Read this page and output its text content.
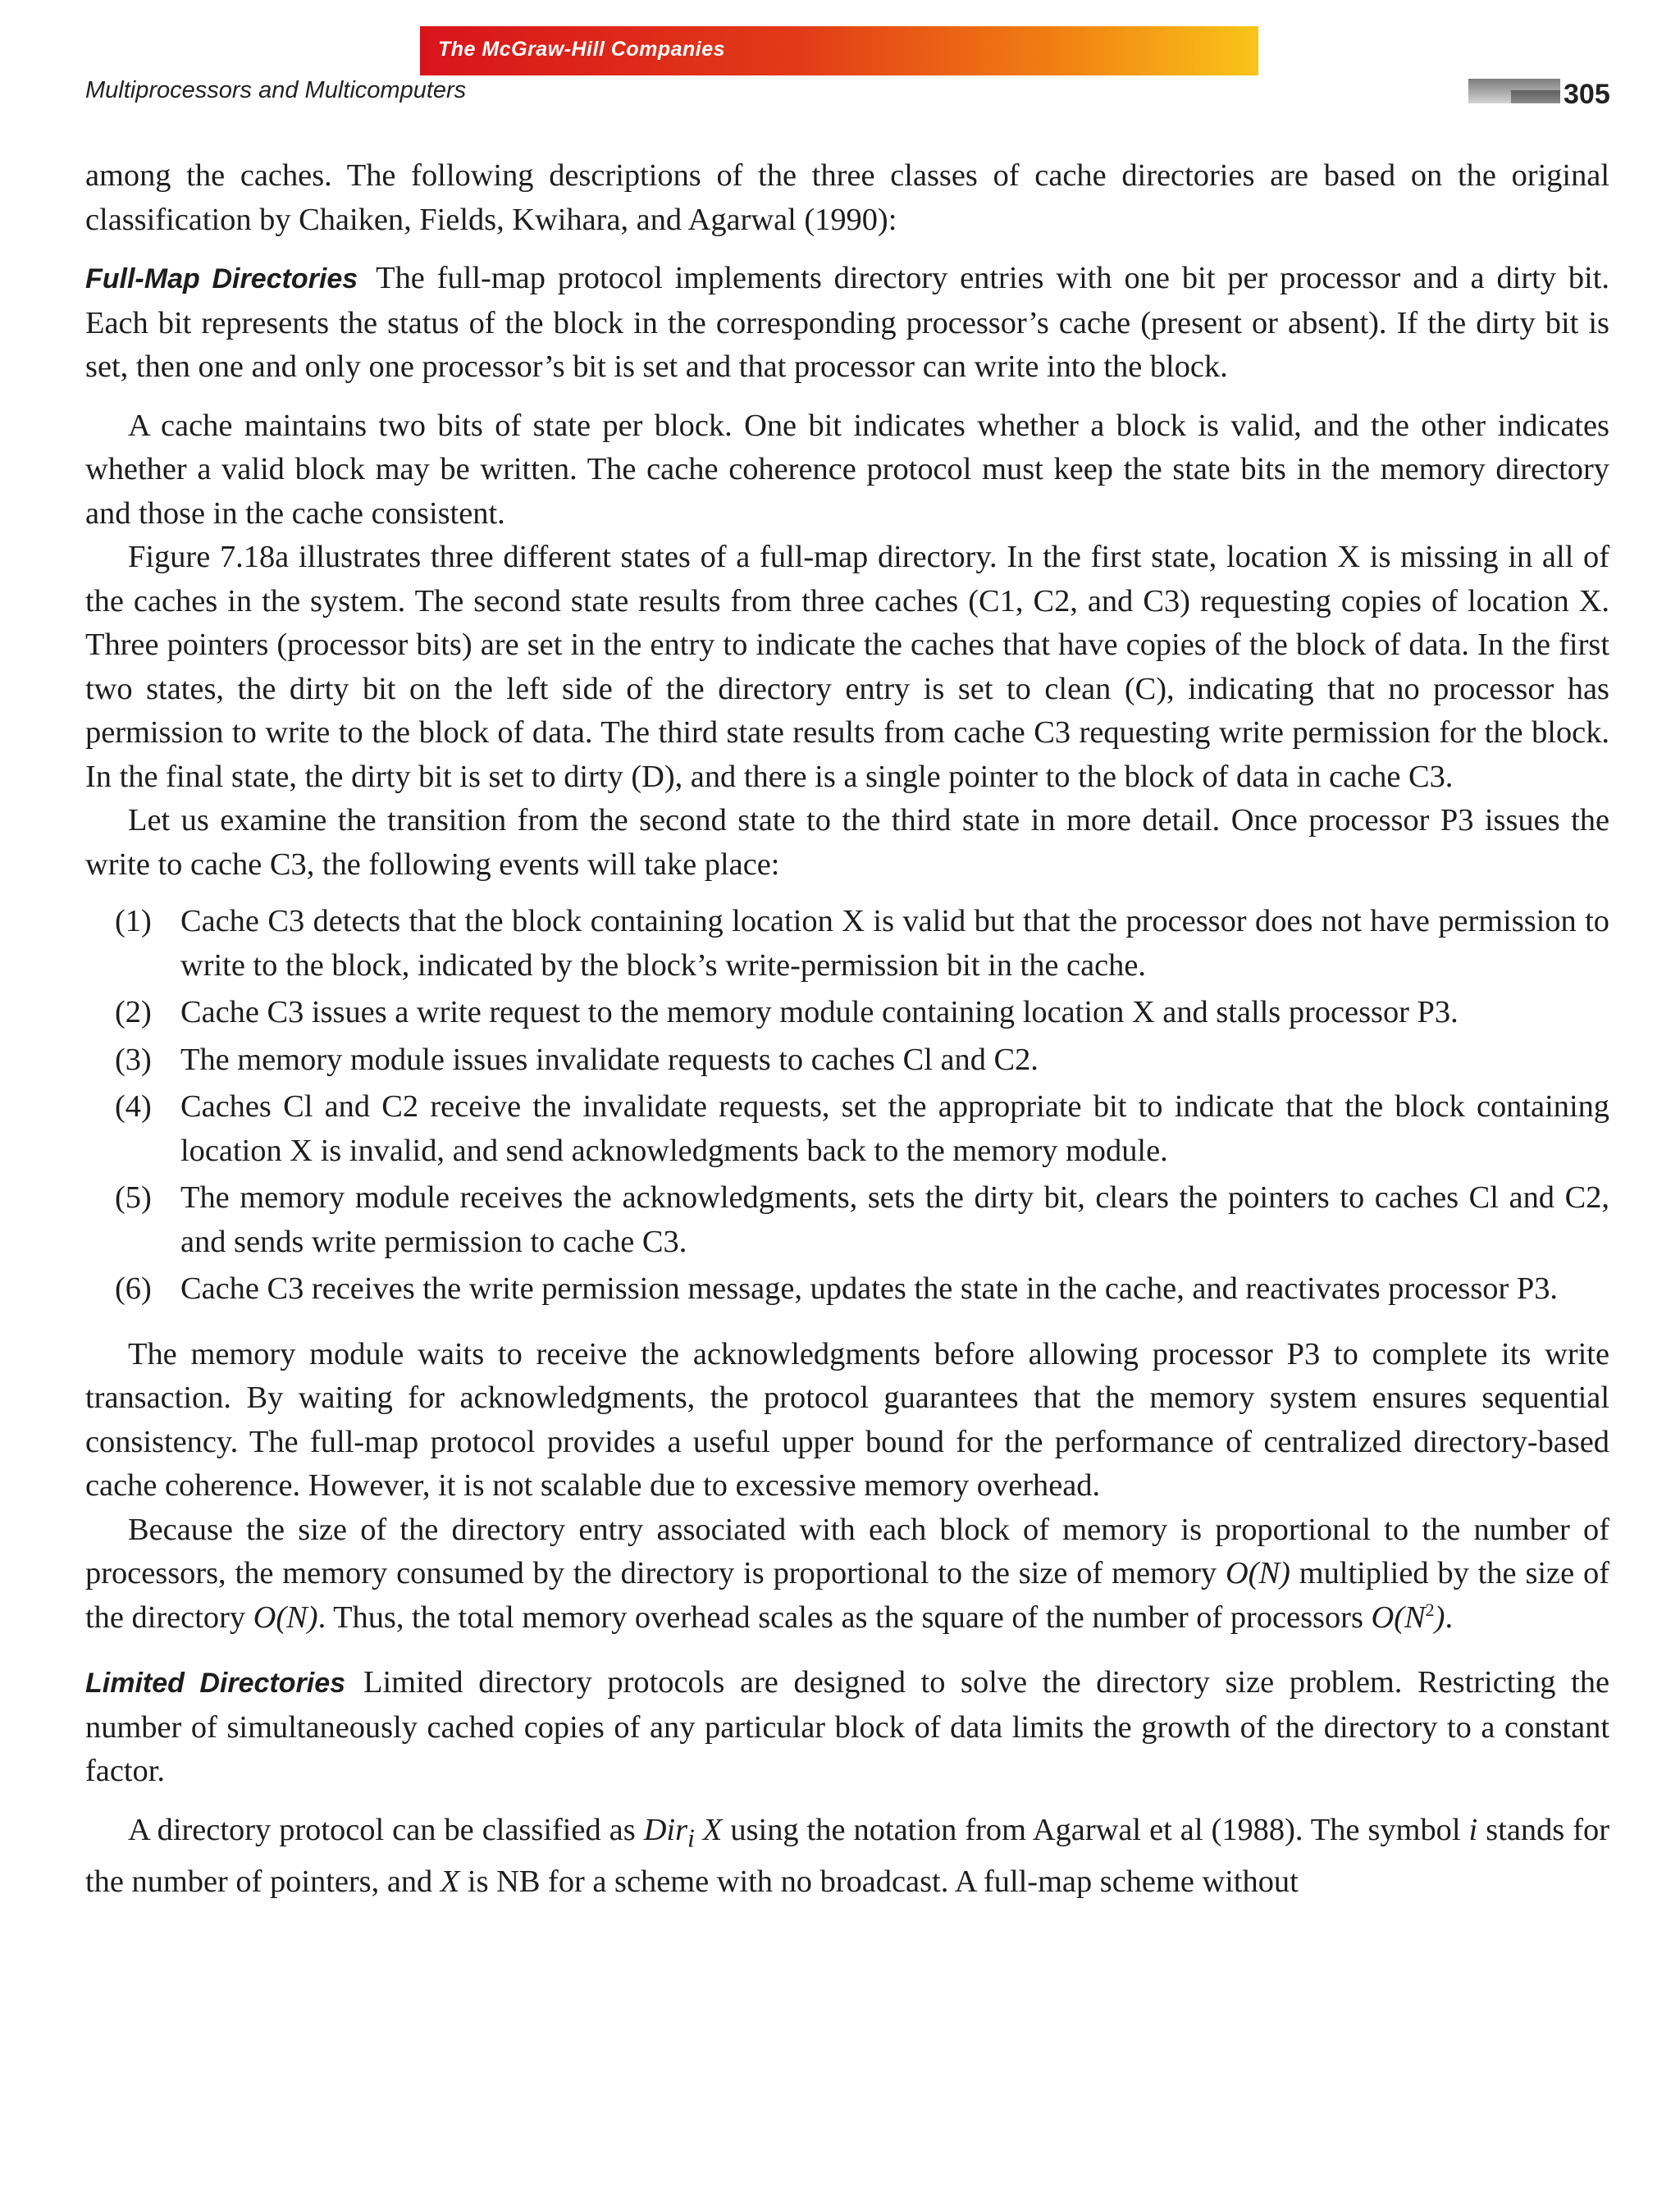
The McGraw-Hill Companies
Multiprocessors and Multicomputers	305

among the caches. The following descriptions of the three classes of cache directories are based on the original classification by Chaiken, Fields, Kwihara, and Agarwal (1990):

Full-Map Directories The full-map protocol implements directory entries with one bit per processor and a dirty bit. Each bit represents the status of the block in the corresponding processor’s cache (present or absent). If the dirty bit is set, then one and only one processor’s bit is set and that processor can write into the block.

A cache maintains two bits of state per block. One bit indicates whether a block is valid, and the other indicates whether a valid block may be written. The cache coherence protocol must keep the state bits in the memory directory and those in the cache consistent.

Figure 7.18a illustrates three different states of a full-map directory. In the first state, location X is missing in all of the caches in the system. The second state results from three caches (C1, C2, and C3) requesting copies of location X. Three pointers (processor bits) are set in the entry to indicate the caches that have copies of the block of data. In the first two states, the dirty bit on the left side of the directory entry is set to clean (C), indicating that no processor has permission to write to the block of data. The third state results from cache C3 requesting write permission for the block. In the final state, the dirty bit is set to dirty (D), and there is a single pointer to the block of data in cache C3.

Let us examine the transition from the second state to the third state in more detail. Once processor P3 issues the write to cache C3, the following events will take place:

(1) Cache C3 detects that the block containing location X is valid but that the processor does not have permission to write to the block, indicated by the block’s write-permission bit in the cache.
(2) Cache C3 issues a write request to the memory module containing location X and stalls processor P3.
(3) The memory module issues invalidate requests to caches Cl and C2.
(4) Caches Cl and C2 receive the invalidate requests, set the appropriate bit to indicate that the block containing location X is invalid, and send acknowledgments back to the memory module.
(5) The memory module receives the acknowledgments, sets the dirty bit, clears the pointers to caches Cl and C2, and sends write permission to cache C3.
(6) Cache C3 receives the write permission message, updates the state in the cache, and reactivates processor P3.

The memory module waits to receive the acknowledgments before allowing processor P3 to complete its write transaction. By waiting for acknowledgments, the protocol guarantees that the memory system ensures sequential consistency. The full-map protocol provides a useful upper bound for the performance of centralized directory-based cache coherence. However, it is not scalable due to excessive memory overhead.

Because the size of the directory entry associated with each block of memory is proportional to the number of processors, the memory consumed by the directory is proportional to the size of memory O(N) multiplied by the size of the directory O(N). Thus, the total memory overhead scales as the square of the number of processors $O(N^2)$.

Limited Directories Limited directory protocols are designed to solve the directory size problem. Restricting the number of simultaneously cached copies of any particular block of data limits the growth of the directory to a constant factor.

A directory protocol can be classified as Dir$_i$ X using the notation from Agarwal et al (1988). The symbol i stands for the number of pointers, and X is NB for a scheme with no broadcast. A full-map scheme without
